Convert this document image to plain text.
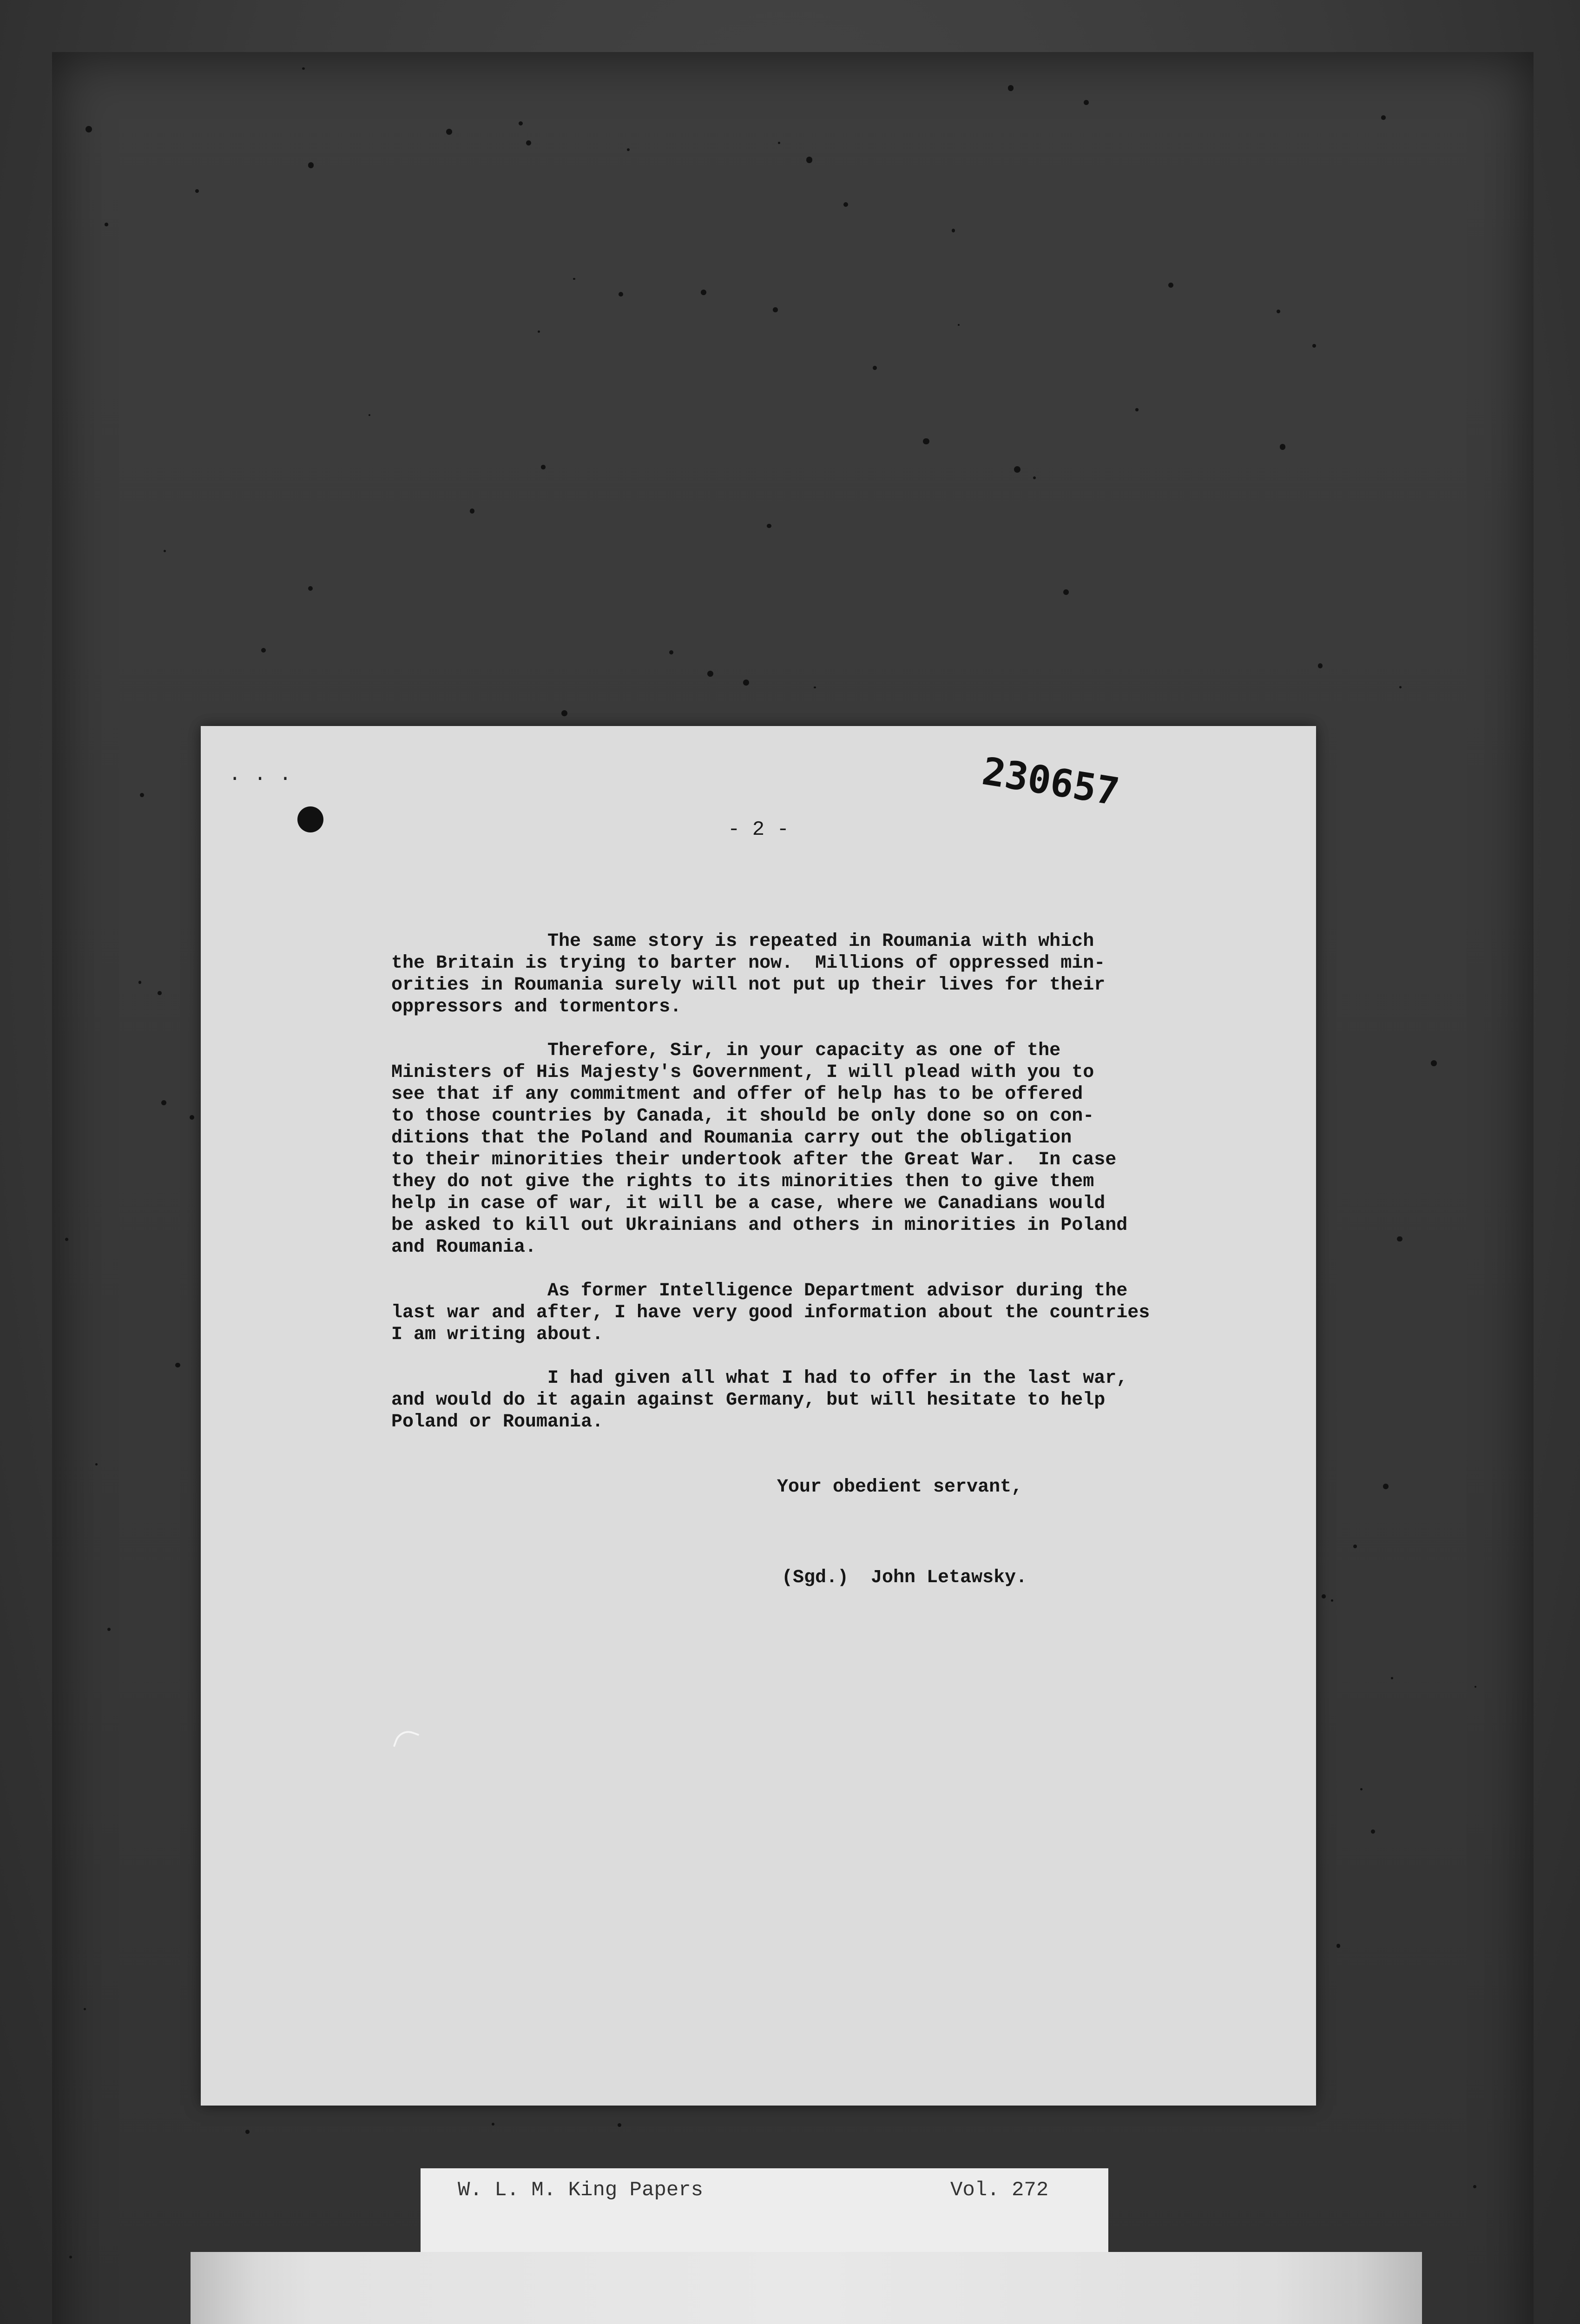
...	230657
- 2 -
The same story is repeated in Roumania with which
the Britain is trying to barter now.  Millions of oppressed min-
orities in Roumania surely will not put up their lives for their
oppressors and tormentors.
Therefore, Sir, in your capacity as one of the
Ministers of His Majesty's Government, I will plead with you to
see that if any commitment and offer of help has to be offered
to those countries by Canada, it should be only done so on con-
ditions that the Poland and Roumania carry out the obligation
to their minorities their undertook after the Great War.  In case
they do not give the rights to its minorities then to give them
help in case of war, it will be a case, where we Canadians would
be asked to kill out Ukrainians and others in minorities in Poland
and Roumania.
As former Intelligence Department advisor during the
last war and after, I have very good information about the countries
I am writing about.
I had given all what I had to offer in the last war,
and would do it again against Germany, but will hesitate to help
Poland or Roumania.
Your obedient servant,
(Sgd.)  John Letawsky.
W. L. M. King Papers	Vol. 272
